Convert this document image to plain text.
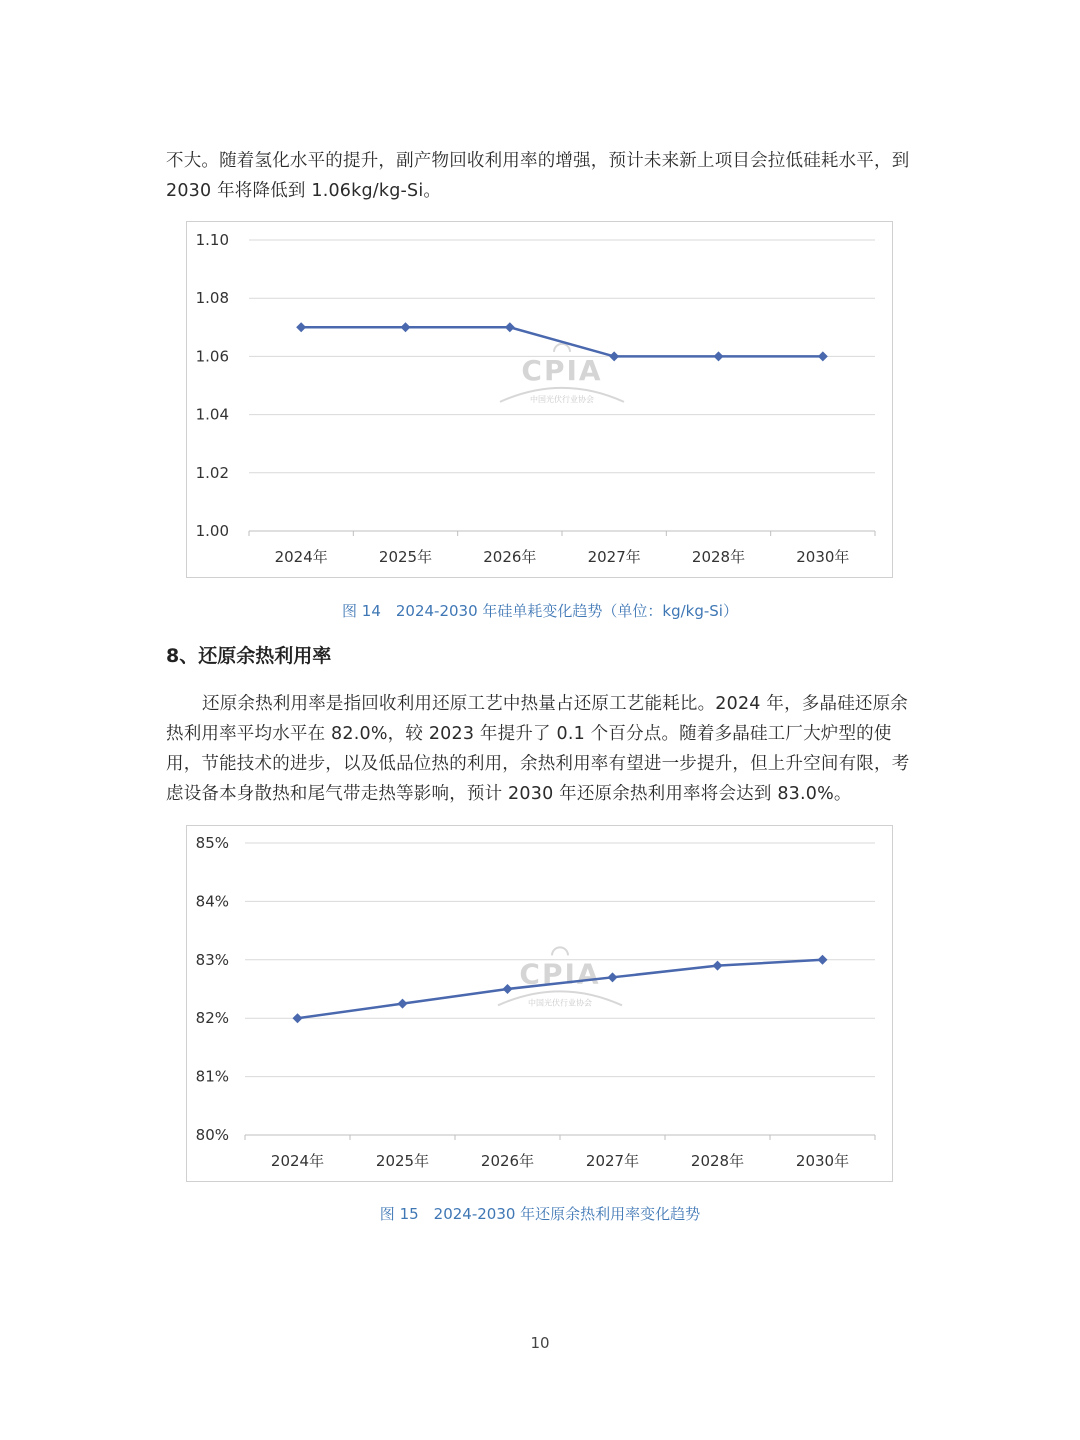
不大。随着氢化水平的提升，副产物回收利用率的增强，预计未来新上项目会拉低硅耗水平，到 2030 年将降低到 1.06kg/kg-Si。

1.00
1.02
1.04
1.06
1.08
1.10
2024年	2025年	2026年	2027年	2028年	2030年
CPIA
中国光伏行业协会
图 14　2024-2030 年硅单耗变化趋势（单位：kg/kg-Si）
8、还原余热利用率

还原余热利用率是指回收利用还原工艺中热量占还原工艺能耗比。2024 年，多晶硅还原余热利用率平均水平在 82.0%，较 2023 年提升了 0.1 个百分点。随着多晶硅工厂大炉型的使用，节能技术的进步，以及低品位热的利用，余热利用率有望进一步提升，但上升空间有限，考虑设备本身散热和尾气带走热等影响，预计 2030 年还原余热利用率将会达到 83.0%。

80%
81%
82%
83%
84%
85%
2024年	2025年	2026年	2027年	2028年	2030年
CPIA
中国光伏行业协会
图 15　2024-2030 年还原余热利用率变化趋势
10
